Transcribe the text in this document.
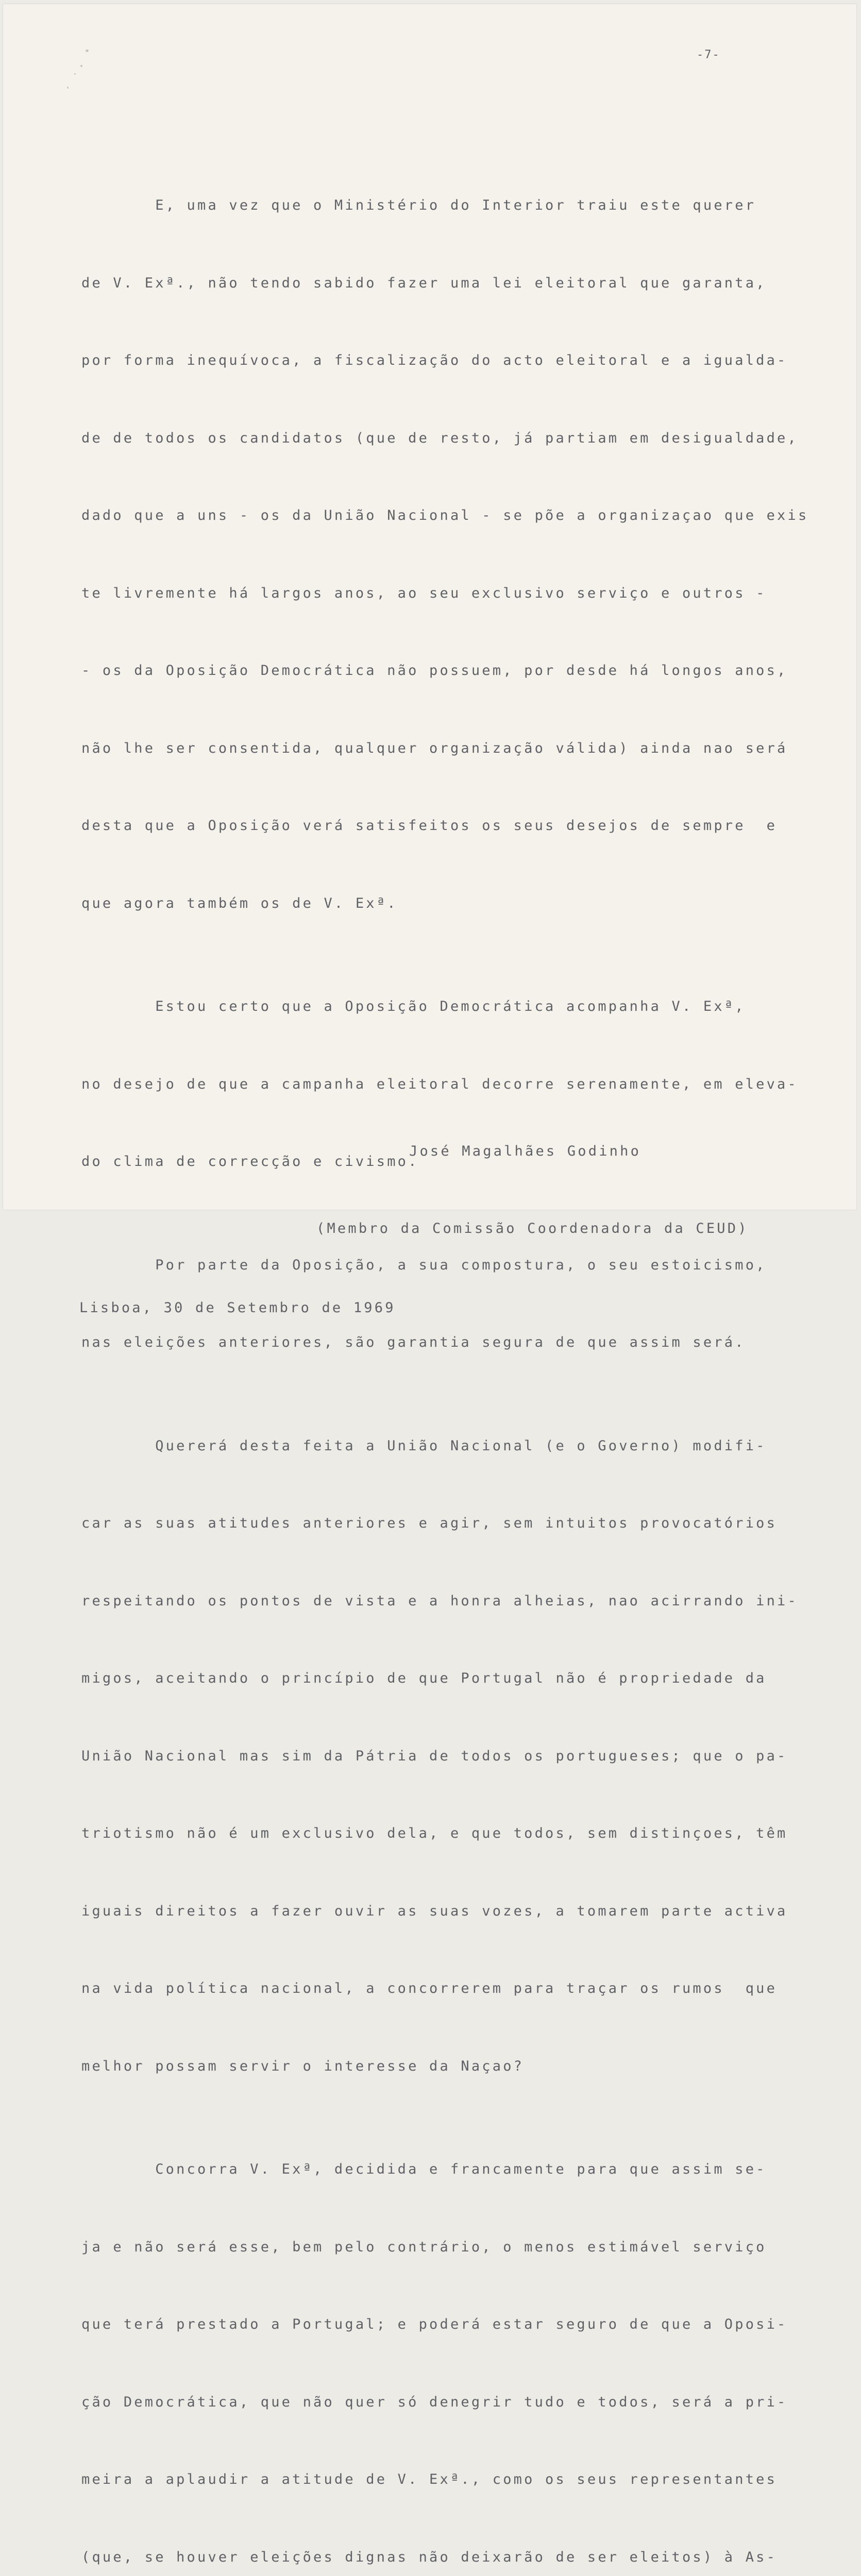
-7-

E, uma vez que o Ministério do Interior traiu este querer

de V. Exª., não tendo sabido fazer uma lei eleitoral que garanta,

por forma inequívoca, a fiscalização do acto eleitoral e a igualda-

de de todos os candidatos (que de resto, já partiam em desigualdade,

dado que a uns - os da União Nacional - se põe a organizaçao que exis

te livremente há largos anos, ao seu exclusivo serviço e outros -

- os da Oposição Democrática não possuem, por desde há longos anos,

não lhe ser consentida, qualquer organização válida) ainda nao será

desta que a Oposição verá satisfeitos os seus desejos de sempre  e

que agora também os de V. Exª.

Estou certo que a Oposição Democrática acompanha V. Exª,

no desejo de que a campanha eleitoral decorre serenamente, em eleva-

do clima de correcção e civismo.

Por parte da Oposição, a sua compostura, o seu estoicismo,

nas eleições anteriores, são garantia segura de que assim será.

Quererá desta feita a União Nacional (e o Governo) modifi-

car as suas atitudes anteriores e agir, sem intuitos provocatórios

respeitando os pontos de vista e a honra alheias, nao acirrando ini-

migos, aceitando o princípio de que Portugal não é propriedade da

União Nacional mas sim da Pátria de todos os portugueses; que o pa-

triotismo não é um exclusivo dela, e que todos, sem distinçoes, têm

iguais direitos a fazer ouvir as suas vozes, a tomarem parte activa

na vida política nacional, a concorrerem para traçar os rumos  que

melhor possam servir o interesse da Naçao?

Concorra V. Exª, decidida e francamente para que assim se-

ja e não será esse, bem pelo contrário, o menos estimável serviço

que terá prestado a Portugal; e poderá estar seguro de que a Oposi-

ção Democrática, que não quer só denegrir tudo e todos, será a pri-

meira a aplaudir a atitude de V. Exª., como os seus representantes

(que, se houver eleições dignas não deixarão de ser eleitos) à As-

José Magalhães Godinho

(Membro da Comissão Coordenadora da CEUD)

Lisboa, 30 de Setembro de 1969
